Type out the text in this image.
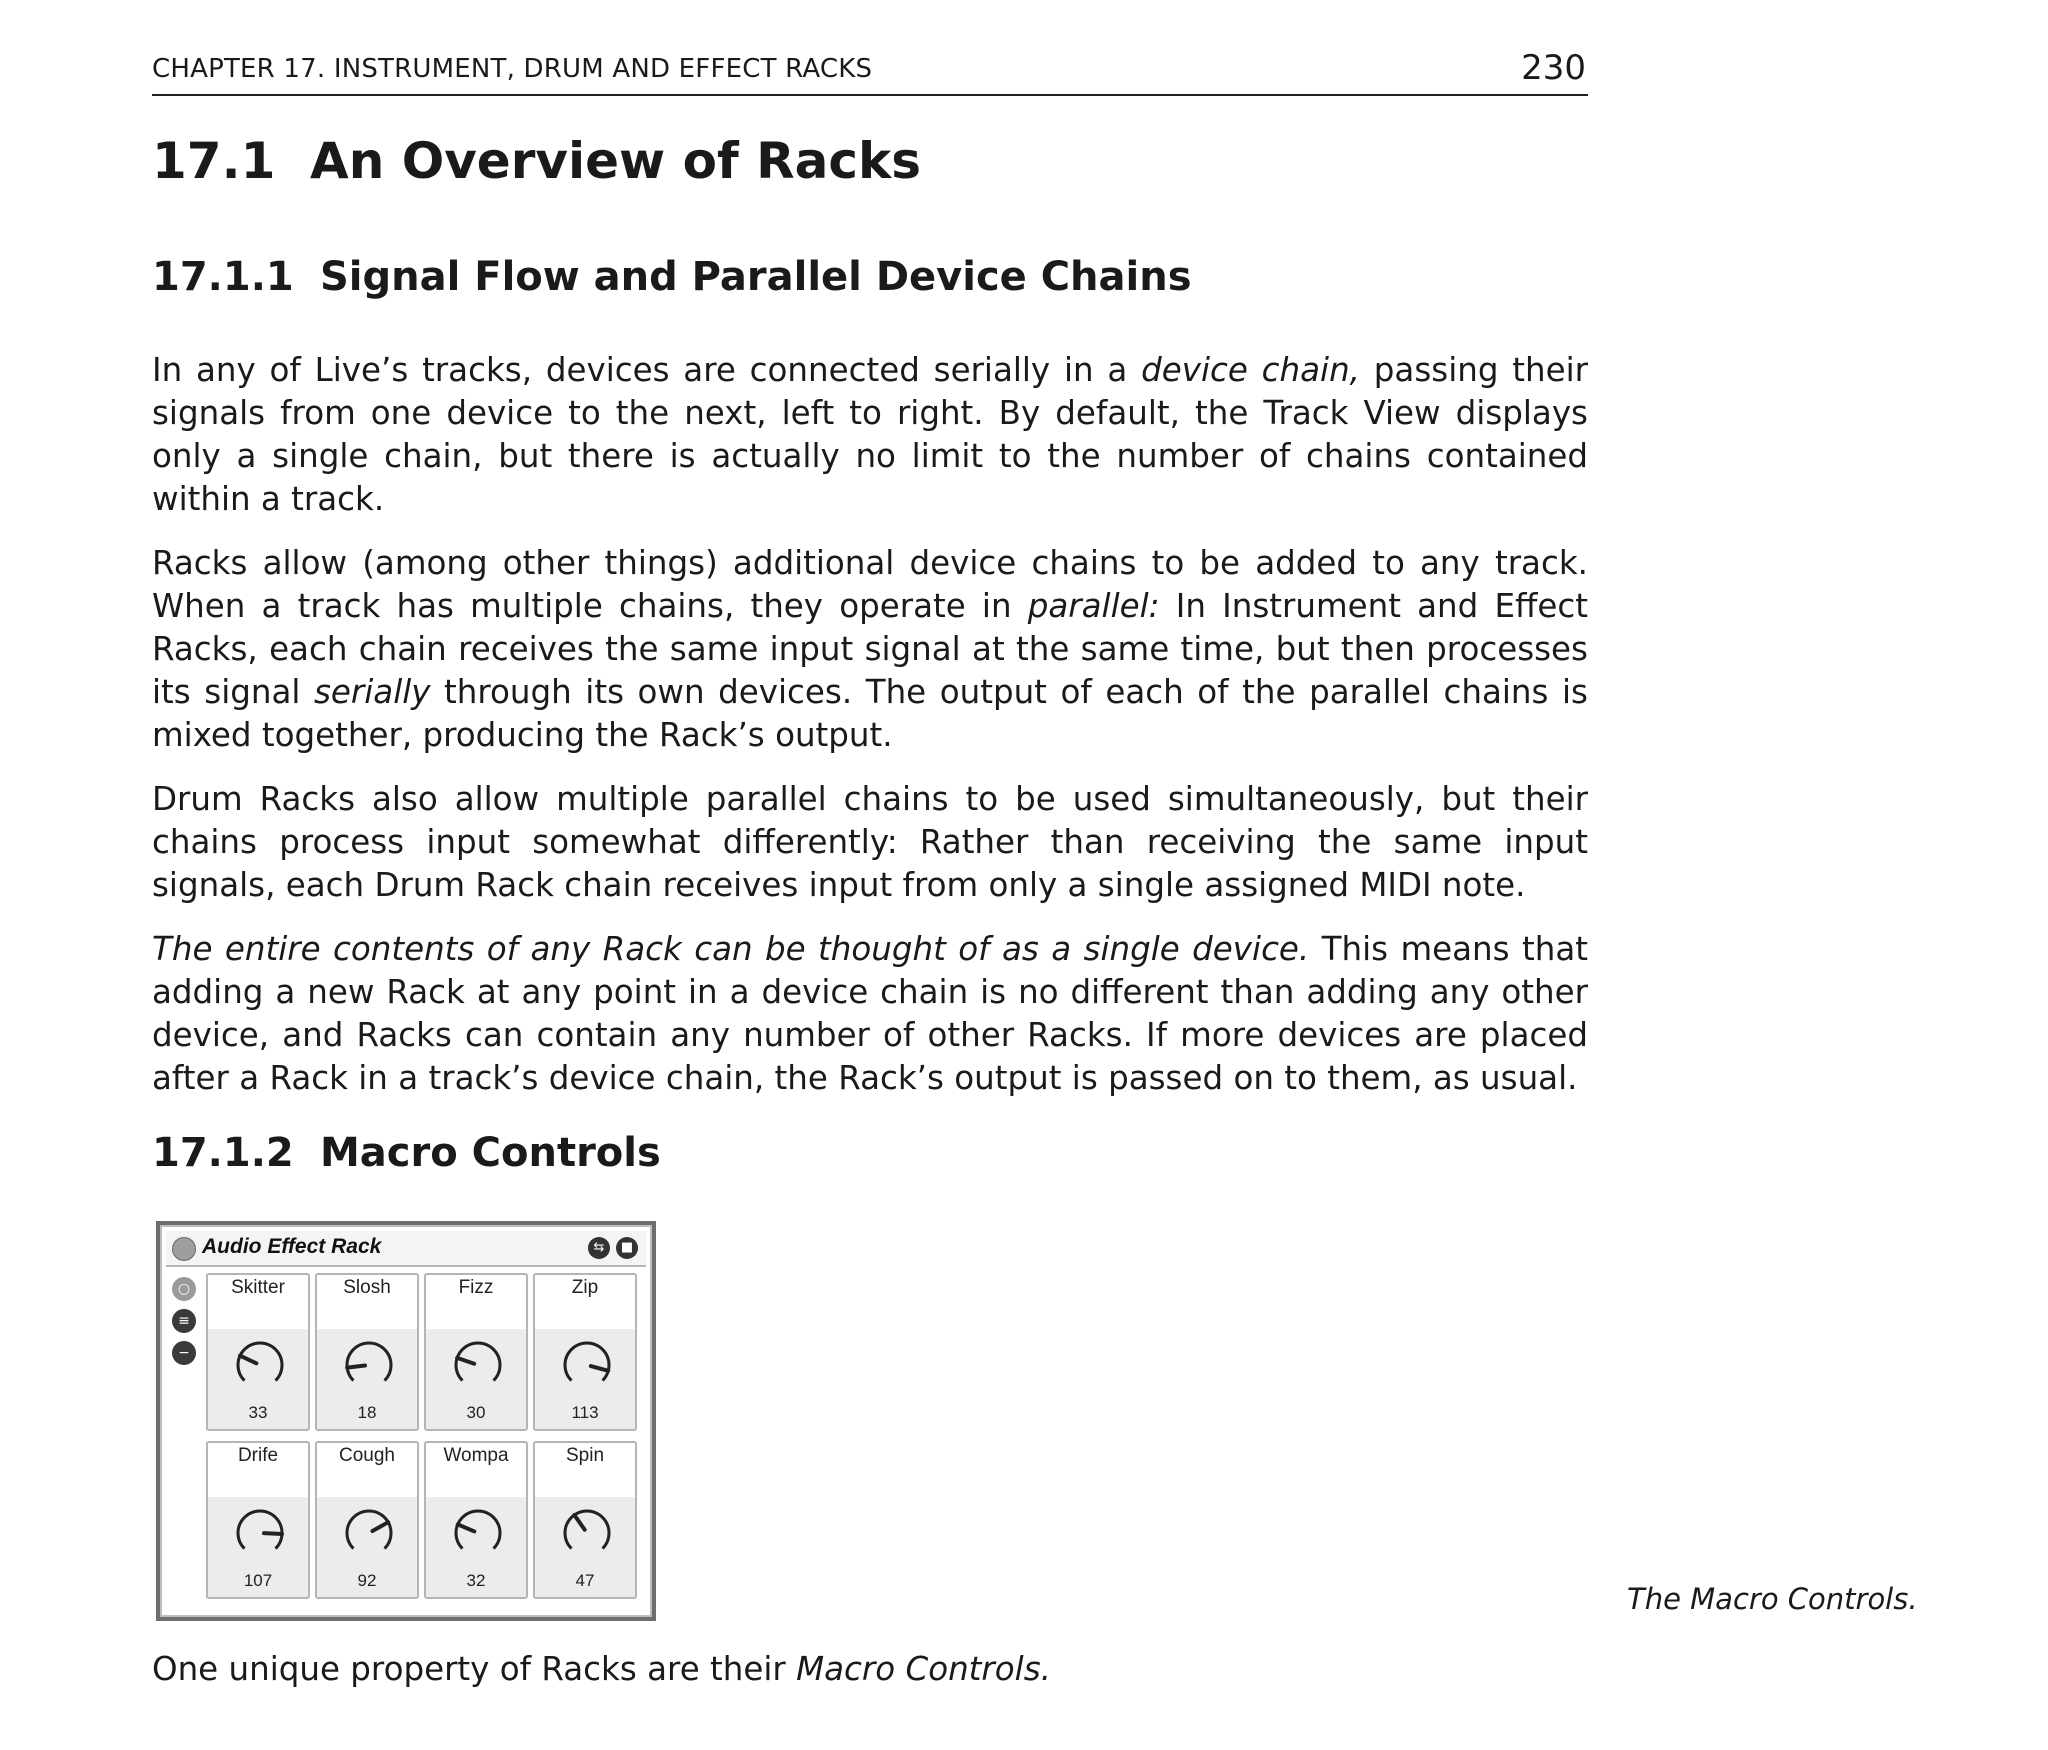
CHAPTER 17. INSTRUMENT, DRUM AND EFFECT RACKS	230
17.1 An Overview of Racks
17.1.1 Signal Flow and Parallel Device Chains

In any of Live’s tracks, devices are connected serially in a device chain, passing their signals from one device to the next, left to right. By default, the Track View displays only a single chain, but there is actually no limit to the number of chains contained within a track.

Racks allow (among other things) additional device chains to be added to any track. When a track has multiple chains, they operate in parallel: In Instrument and Effect Racks, each chain receives the same input signal at the same time, but then processes its signal serially through its own devices. The output of each of the parallel chains is mixed together, producing the Rack’s output.

Drum Racks also allow multiple parallel chains to be used simultaneously, but their chains process input somewhat differently: Rather than receiving the same input signals, each Drum Rack chain receives input from only a single assigned MIDI note.

The entire contents of any Rack can be thought of as a single device. This means that adding a new Rack at any point in a device chain is no different than adding any other device, and Racks can contain any number of other Racks. If more devices are placed after a Rack in a track’s device chain, the Rack’s output is passed on to them, as usual.

17.1.2 Macro Controls
Audio Effect Rack	⇆	■
○
≡
−
Skitter
33
Slosh
18
Fizz
30
Zip
113
Drife
107
Cough
92
Wompa
32
Spin
47
The Macro Controls.
One unique property of Racks are their Macro Controls.
